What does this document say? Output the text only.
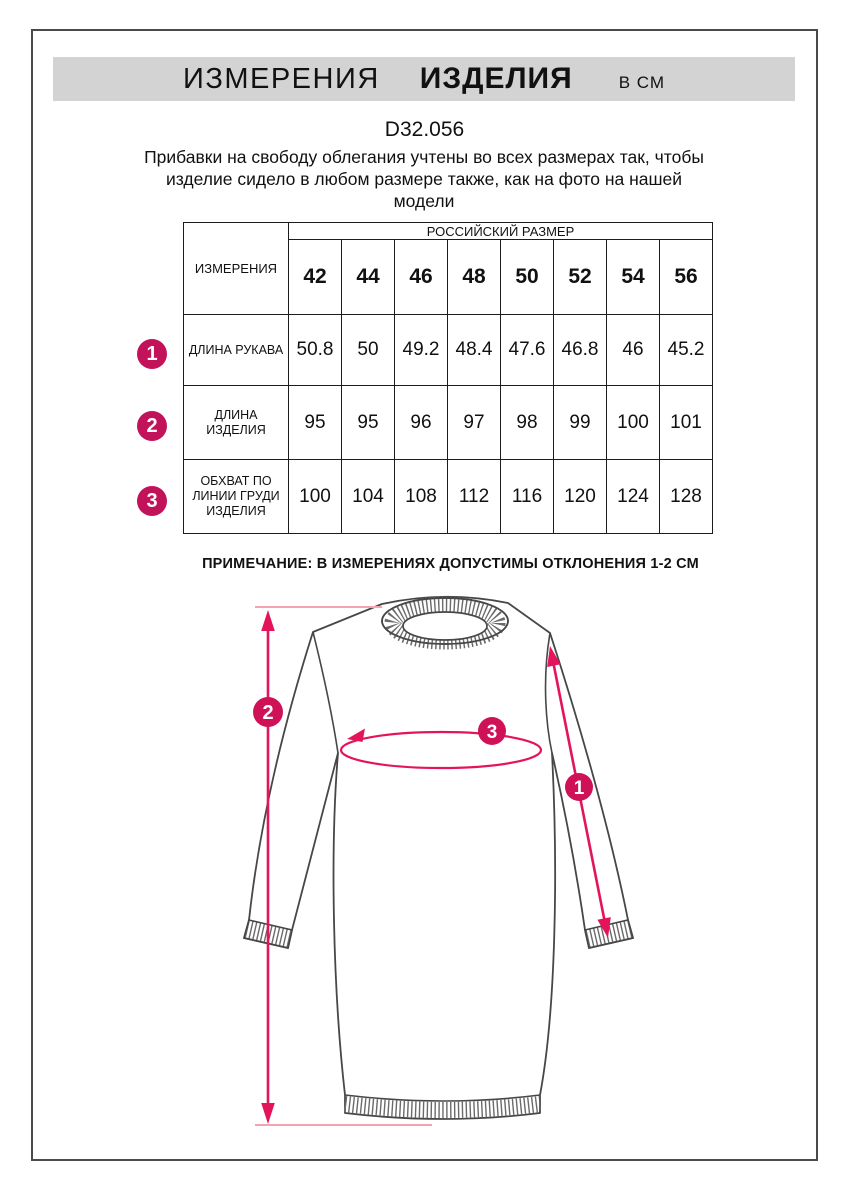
ИЗМЕРЕНИЯ ИЗДЕЛИЯ	В СМ
D32.056
Прибавки на свободу облегания учтены во всех размерах так, чтобы
изделие сидело в любом размере также, как на фото на нашей
модели
ИЗМЕРЕНИЯ	РОССИЙСКИЙ РАЗМЕР							
	42	44	46	48	50	52	54	56
ДЛИНА РУКАВА	50.8	50	49.2	48.4	47.6	46.8	46	45.2
ДЛИНА ИЗДЕЛИЯ	95	95	96	97	98	99	100	101
ОБХВАТ ПО ЛИНИИ ГРУДИ ИЗДЕЛИЯ	100	104	108	112	116	120	124	128
1
2
3
ПРИМЕЧАНИЕ: В ИЗМЕРЕНИЯХ ДОПУСТИМЫ ОТКЛОНЕНИЯ 1-2 СМ
2
3
1
